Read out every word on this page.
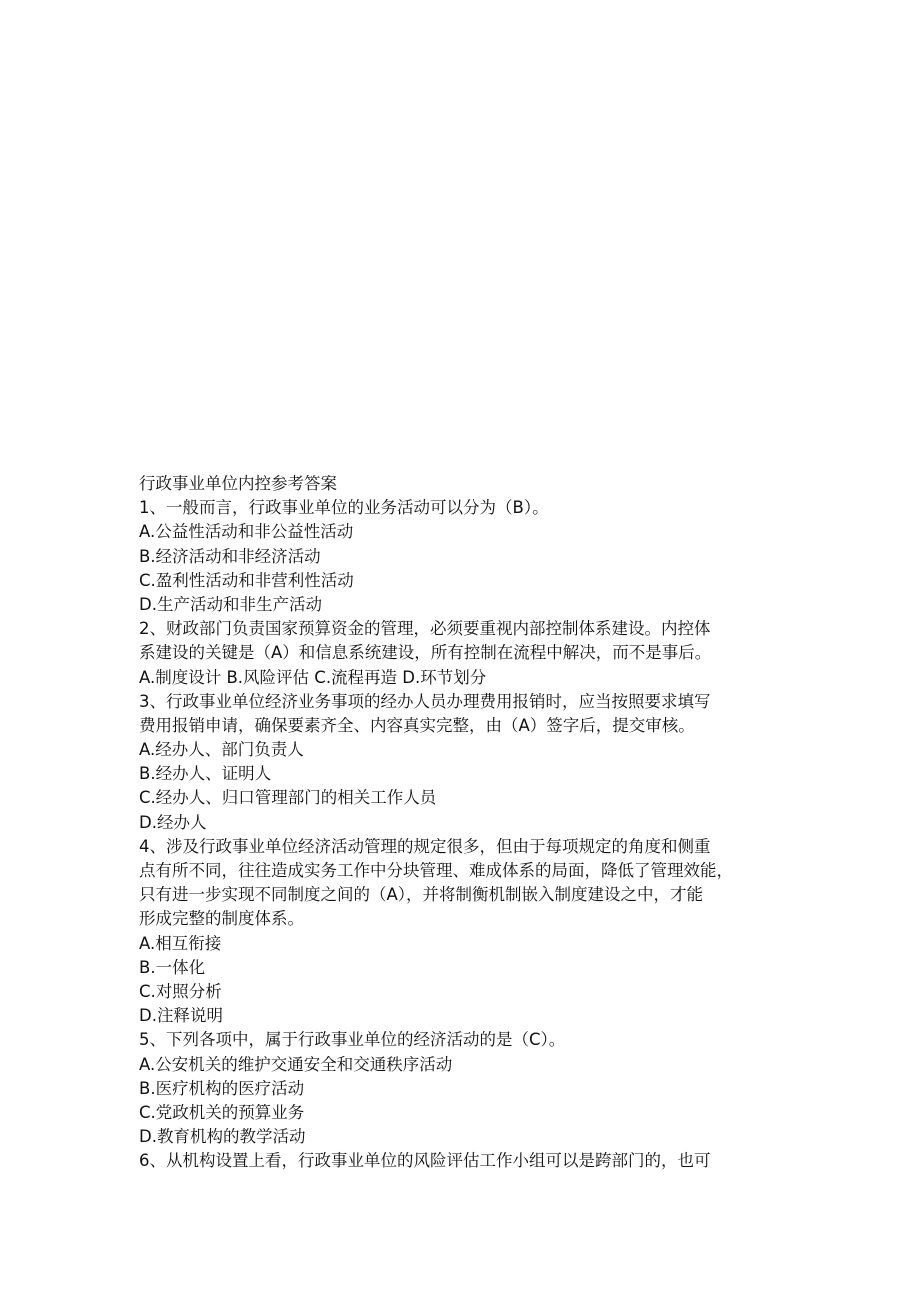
行政事业单位内控参考答案
1、一般而言，行政事业单位的业务活动可以分为（B）。
A.公益性活动和非公益性活动
B.经济活动和非经济活动
C.盈利性活动和非营利性活动
D.生产活动和非生产活动
2、财政部门负责国家预算资金的管理，必须要重视内部控制体系建设。内控体
系建设的关键是（A）和信息系统建设，所有控制在流程中解决，而不是事后。
A.制度设计 B.风险评估 C.流程再造 D.环节划分
3、行政事业单位经济业务事项的经办人员办理费用报销时，应当按照要求填写
费用报销申请，确保要素齐全、内容真实完整，由（A）签字后，提交审核。
A.经办人、部门负责人
B.经办人、证明人
C.经办人、归口管理部门的相关工作人员
D.经办人
4、涉及行政事业单位经济活动管理的规定很多，但由于每项规定的角度和侧重
点有所不同，往往造成实务工作中分块管理、难成体系的局面，降低了管理效能，
只有进一步实现不同制度之间的（A），并将制衡机制嵌入制度建设之中，才能
形成完整的制度体系。
A.相互衔接
B.一体化
C.对照分析
D.注释说明
5、下列各项中，属于行政事业单位的经济活动的是（C）。
A.公安机关的维护交通安全和交通秩序活动
B.医疗机构的医疗活动
C.党政机关的预算业务
D.教育机构的教学活动
6、从机构设置上看，行政事业单位的风险评估工作小组可以是跨部门的，也可
